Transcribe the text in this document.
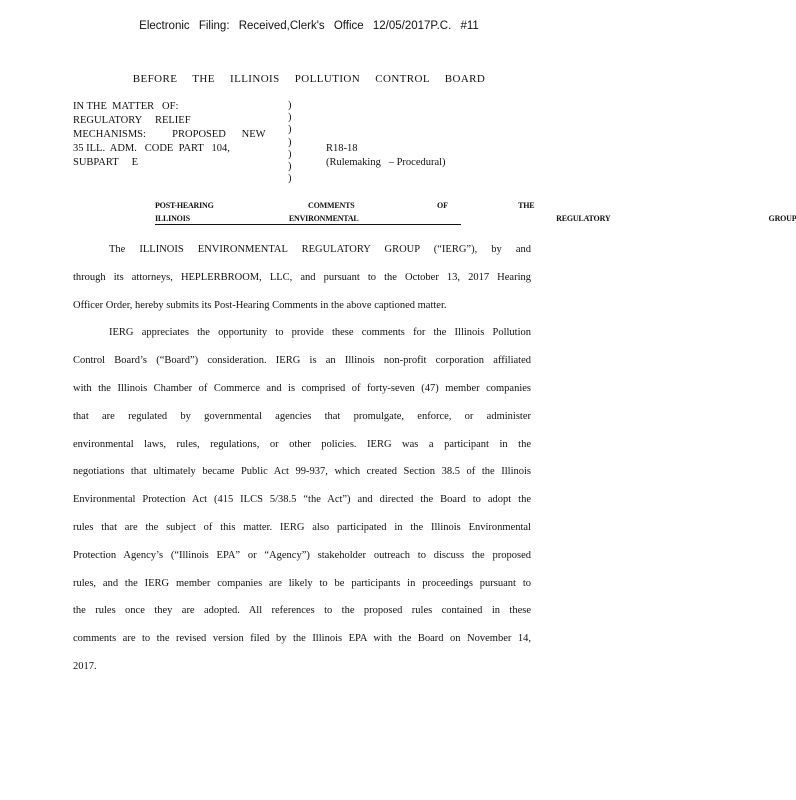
Electronic Filing: Received,Clerk's Office 12/05/2017P.C. #11
BEFORE THE ILLINOIS POLLUTION CONTROL BOARD
IN THE  MATTER   OF:
REGULATORY     RELIEF
MECHANISMS:          PROPOSED      NEW
35 ILL.  ADM.   CODE  PART   104,
SUBPART     E
)
)
)
)
)
)
)
R18-18
(Rulemaking   – Procedural)
POST-HEARING        COMMENTS       OF      THE
ILLINOIS     ENVIRONMENTAL          REGULATORY        GROUP
The ILLINOIS ENVIRONMENTAL REGULATORY GROUP (“IERG”), by and
through its attorneys, HEPLERBROOM, LLC, and pursuant to the October 13, 2017 Hearing
Officer Order, hereby submits its Post-Hearing Comments in the above captioned matter.
IERG appreciates the opportunity to provide these comments for the Illinois Pollution
Control Board’s (“Board”) consideration. IERG is an Illinois non-profit corporation affiliated
with the Illinois Chamber of Commerce and is comprised of forty-seven (47) member companies
that are regulated by governmental agencies that promulgate, enforce, or administer
environmental laws, rules, regulations, or other policies. IERG was a participant in the
negotiations that ultimately became Public Act 99-937, which created Section 38.5 of the Illinois
Environmental Protection Act (415 ILCS 5/38.5 “the Act”) and directed the Board to adopt the
rules that are the subject of this matter. IERG also participated in the Illinois Environmental
Protection Agency’s (“Illinois EPA” or “Agency”) stakeholder outreach to discuss the proposed
rules, and the IERG member companies are likely to be participants in proceedings pursuant to
the rules once they are adopted. All references to the proposed rules contained in these
comments are to the revised version filed by the Illinois EPA with the Board on November 14,
2017.
